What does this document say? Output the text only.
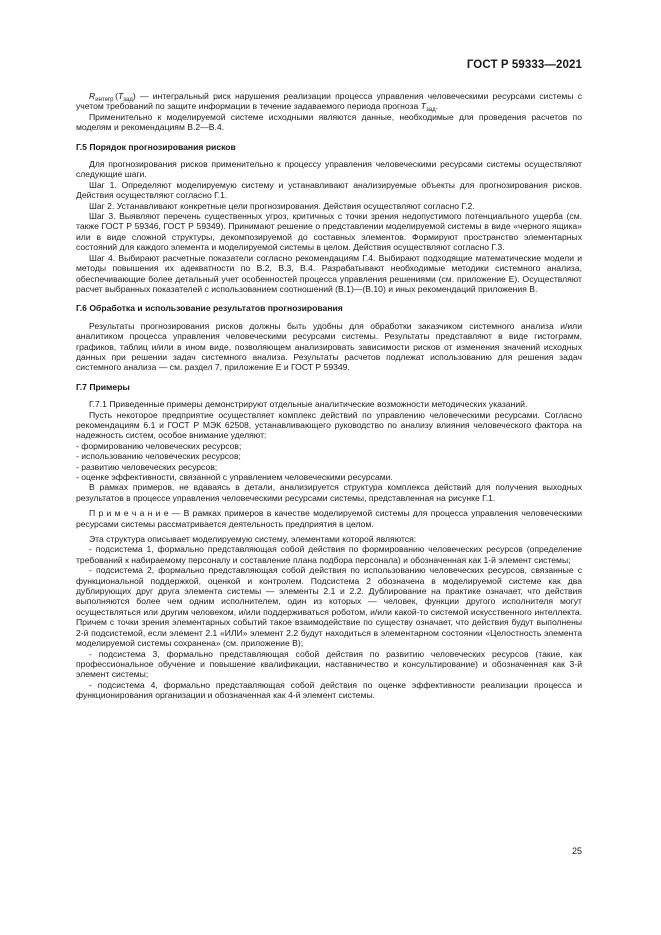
ГОСТ Р 59333—2021

$R_{интегр}$ $(T_{зад})$ — интегральный риск нарушения реализации процесса управления человеческими ресурсами системы с учетом требований по защите информации в течение задаваемого периода прогноза $T_{зад}$.

Применительно к моделируемой системе исходными являются данные, необходимые для проведения расчетов по моделям и рекомендациям В.2—В.4.

Г.5 Порядок прогнозирования рисков

Для прогнозирования рисков применительно к процессу управления человеческими ресурсами системы осуществляют следующие шаги.

Шаг 1. Определяют моделируемую систему и устанавливают анализируемые объекты для прогнозирования рисков. Действия осуществляют согласно Г.1.

Шаг 2. Устанавливают конкретные цели прогнозирования. Действия осуществляют согласно Г.2.

Шаг 3. Выявляют перечень существенных угроз, критичных с точки зрения недопустимого потенциального ущерба (см. также ГОСТ Р 59346, ГОСТ Р 59349). Принимают решение о представлении моделируемой системы в виде «черного ящика» или в виде сложной структуры, декомпозируемой до составных элементов. Формируют пространство элементарных состояний для каждого элемента и моделируемой системы в целом. Действия осуществляют согласно Г.3.

Шаг 4. Выбирают расчетные показатели согласно рекомендациям Г.4. Выбирают подходящие математические модели и методы повышения их адекватности по В.2, В.3, В.4. Разрабатывают необходимые методики системного анализа, обеспечивающие более детальный учет особенностей процесса управления решениями (см. приложение Е). Осуществляют расчет выбранных показателей с использованием соотношений (В.1)—(В.10) и иных рекомендаций приложения В.

Г.6 Обработка и использование результатов прогнозирования

Результаты прогнозирования рисков должны быть удобны для обработки заказчиком системного анализа и/или аналитиком процесса управления человеческими ресурсами системы. Результаты представляют в виде гистограмм, графиков, таблиц и/или в ином виде, позволяющем анализировать зависимости рисков от изменения значений исходных данных при решении задач системного анализа. Результаты расчетов подлежат использованию для решения задач системного анализа — см. раздел 7, приложение Е и ГОСТ Р 59349.

Г.7 Примеры

Г.7.1 Приведенные примеры демонстрируют отдельные аналитические возможности методических указаний.

Пусть некоторое предприятие осуществляет комплекс действий по управлению человеческими ресурсами. Согласно рекомендациям 6.1 и ГОСТ Р МЭК 62508, устанавливающего руководство по анализу влияния человеческого фактора на надежность систем, особое внимание уделяют:

- формированию человеческих ресурсов;

- использованию человеческих ресурсов;

- развитию человеческих ресурсов;

- оценке эффективности, связанной с управлением человеческими ресурсами.

В рамках примеров, не вдаваясь в детали, анализируется структура комплекса действий для получения выходных результатов в процессе управления человеческими ресурсами системы, представленная на рисунке Г.1.

П р и м е ч а н и е — В рамках примеров в качестве моделируемой системы для процесса управления человеческими ресурсами системы рассматривается деятельность предприятия в целом.

Эта структура описывает моделируемую систему, элементами которой являются:

- подсистема 1, формально представляющая собой действия по формированию человеческих ресурсов (определение требований к набираемому персоналу и составление плана подбора персонала) и обозначенная как 1-й элемент системы;

- подсистема 2, формально представляющая собой действия по использованию человеческих ресурсов, связанные с функциональной поддержкой, оценкой и контролем. Подсистема 2 обозначена в моделируемой системе как два дублирующих друг друга элемента системы — элементы 2.1 и 2.2. Дублирование на практике означает, что действия выполняются более чем одним исполнителем, один из которых — человек, функции другого исполнителя могут осуществляться или другим человеком, и/или поддерживаться роботом, и/или какой-то системой искусственного интеллекта. Причем с точки зрения элементарных событий такое взаимодействие по существу означает, что действия будут выполнены 2-й подсистемой, если элемент 2.1 «ИЛИ» элемент 2.2 будут находиться в элементарном состоянии «Целостность элемента моделируемой системы сохранена» (см. приложение В);

- подсистема 3, формально представляющая собой действия по развитию человеческих ресурсов (такие, как профессиональное обучение и повышение квалификации, наставничество и консультирование) и обозначенная как 3-й элемент системы;

- подсистема 4, формально представляющая собой действия по оценке эффективности реализации процесса и функционирования организации и обозначенная как 4-й элемент системы.

25
